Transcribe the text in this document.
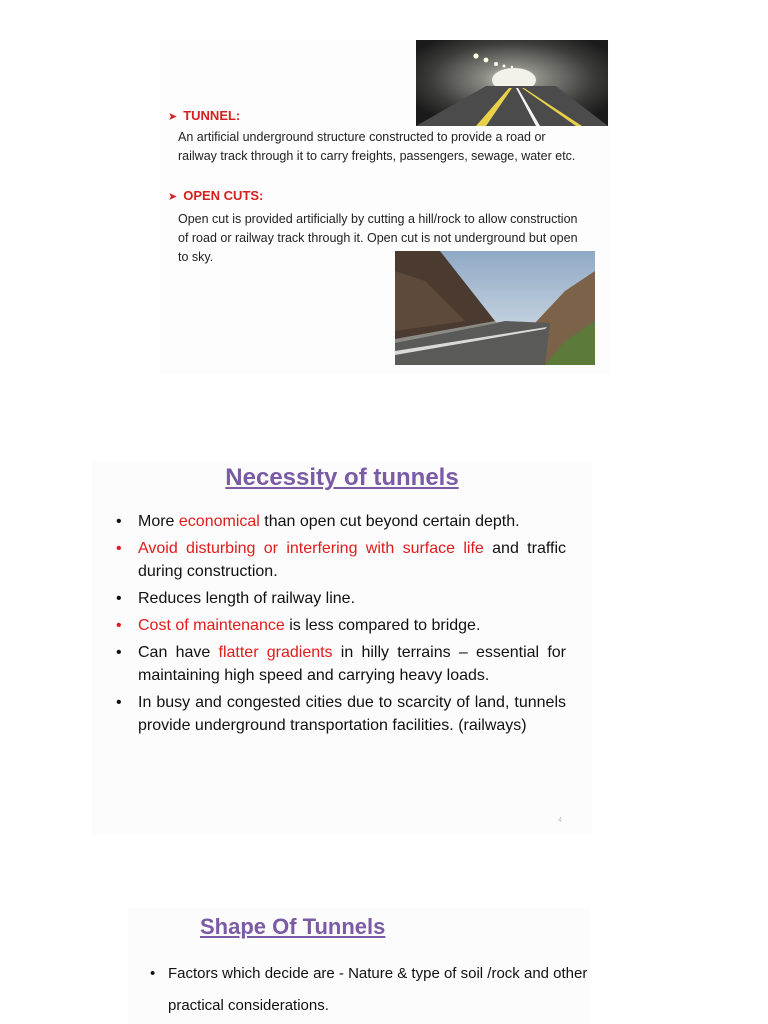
➤ TUNNEL:
An artificial underground structure constructed to provide a road or railway track through it to carry freights, passengers, sewage, water etc.
➤ OPEN CUTS:
Open cut is provided artificially by cutting a hill/rock to allow construction of road or railway track through it. Open cut is not underground but open to sky.
Necessity of tunnels
• More economical than open cut beyond certain depth.
• Avoid disturbing or interfering with surface life and traffic during construction.
• Reduces length of railway line.
• Cost of maintenance is less compared to bridge.
• Can have flatter gradients in hilly terrains – essential for maintaining high speed and carrying heavy loads.
• In busy and congested cities due to scarcity of land, tunnels provide underground transportation facilities. (railways)
4
Shape Of Tunnels
• Factors which decide are - Nature & type of soil /rock and other practical considerations.
